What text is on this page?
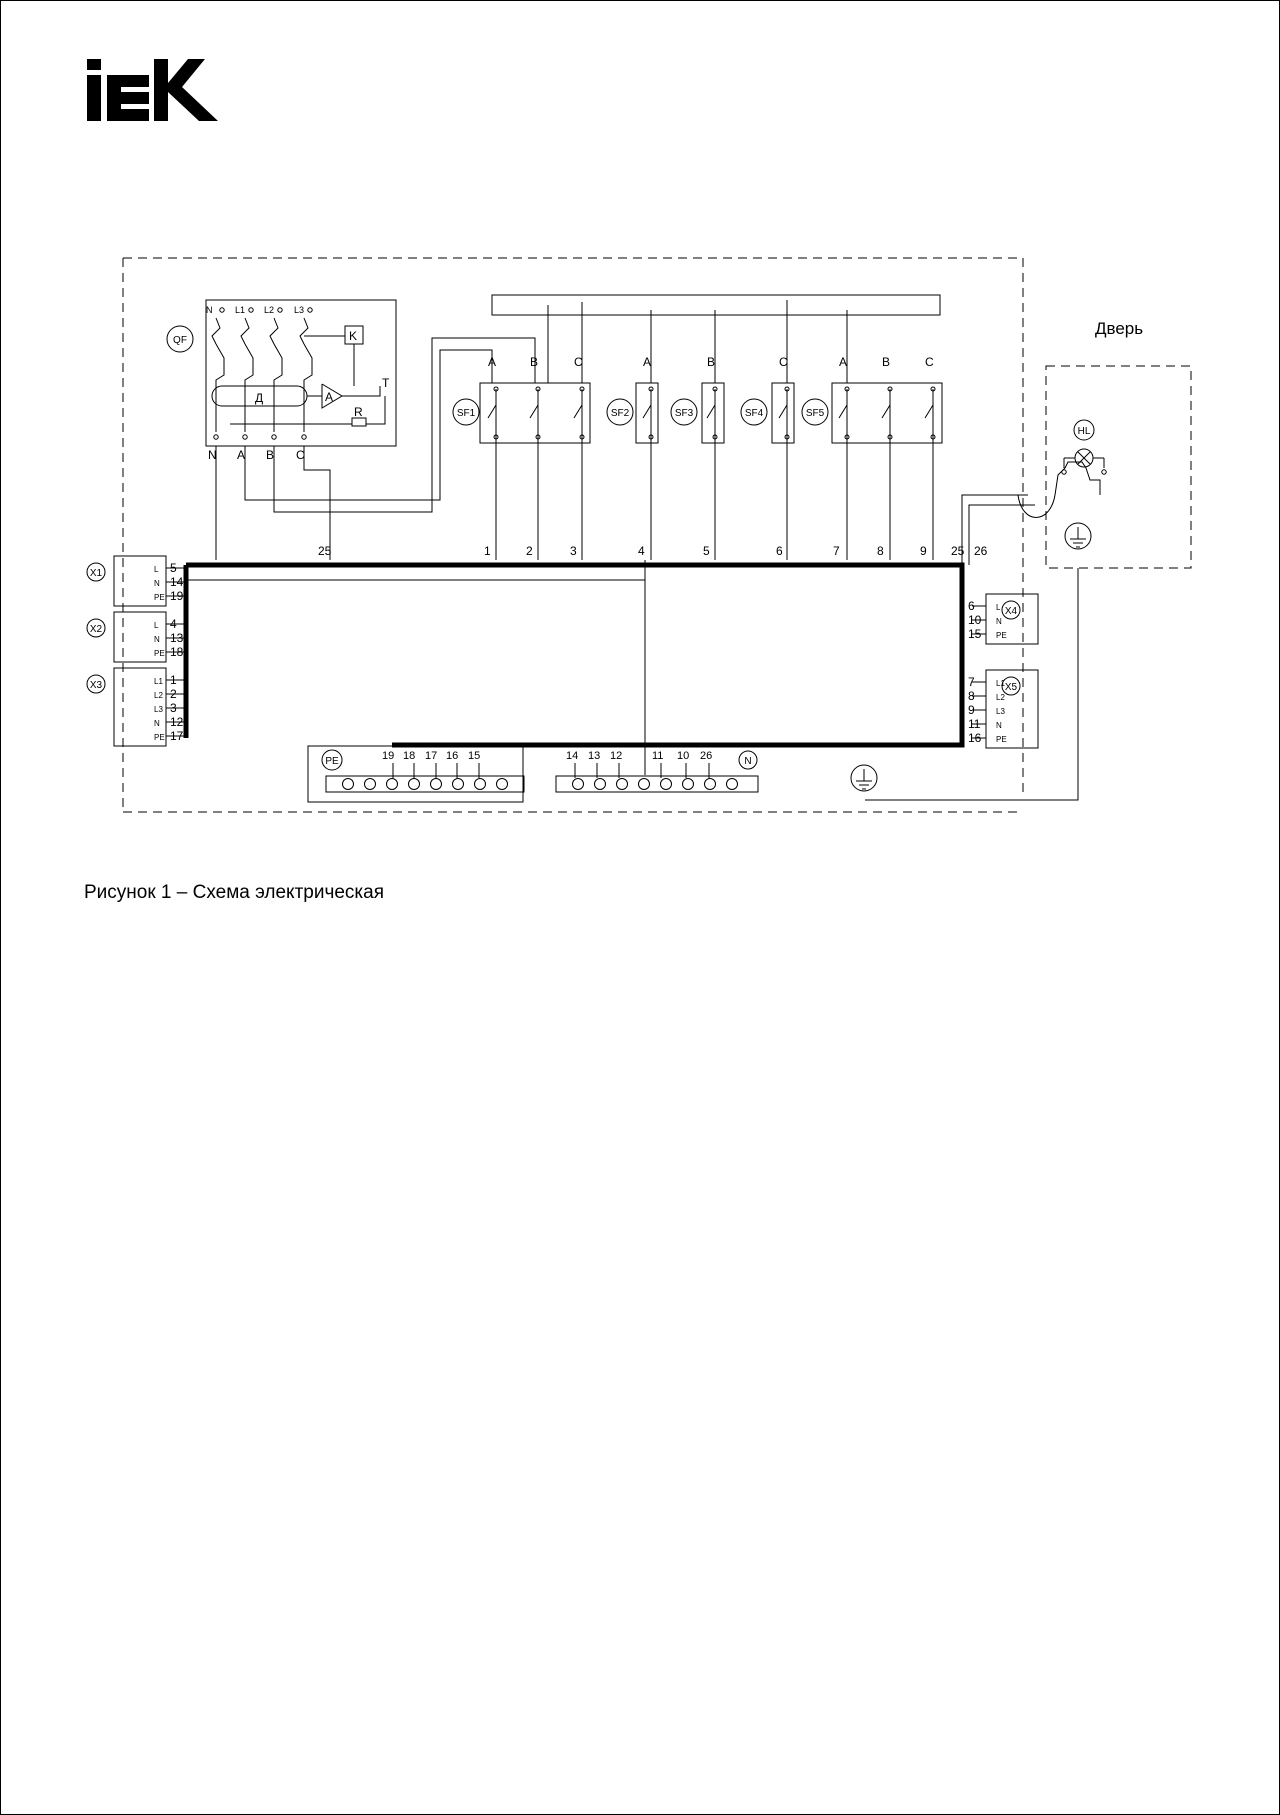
Рисунок 1 – Схема электрическая
Дверь
QF
N	L1 L2 L3
K
Д	А
T
R
N A B C
SF1
A	B	C
SF2
A
SF3
B
SF4
C
SF5
A	B	C
25	1	2	3	4	5	6	7	8	9 25 26
HL
X1	L 5
N 14
PE 19
X2	L 4
N 13
PE 18
X3	L1 1
L2 2
L3 3
N 12
PE 17
X4
L
6
N
10
PE
15
X5
L1
7
L2
8
L3
9
N
11
PE
16
PE	19 18 17 16 15	14 13 12	11 10 26	N
